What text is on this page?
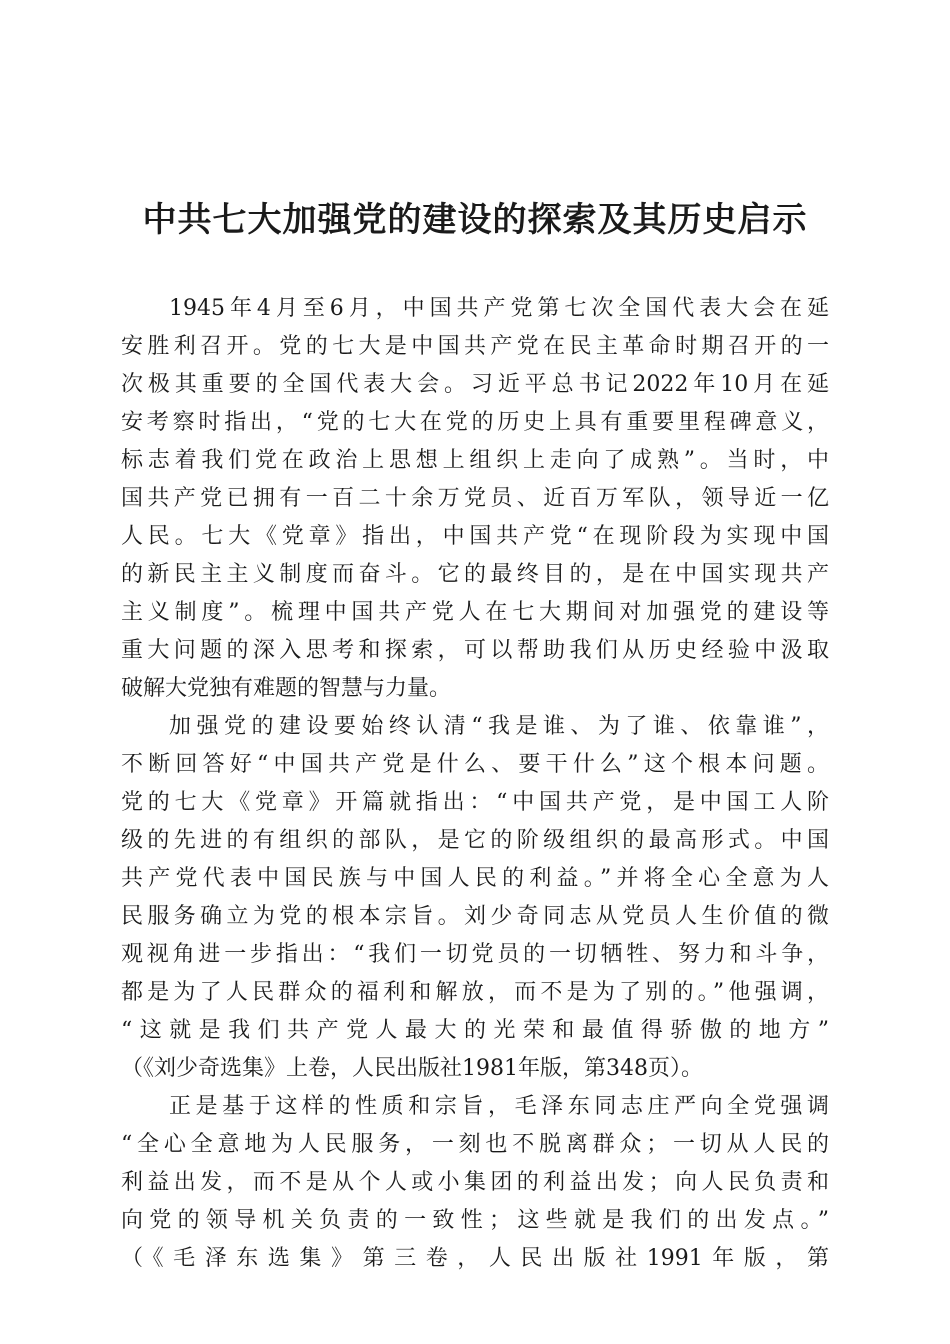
中共七大加强党的建设的探索及其历史启示
1945年4月至6月，中国共产党第七次全国代表大会在延
安胜利召开。党的七大是中国共产党在民主革命时期召开的一
次极其重要的全国代表大会。习近平总书记2022年10月在延
安考察时指出，“党的七大在党的历史上具有重要里程碑意义，
标志着我们党在政治上思想上组织上走向了成熟”。当时，中
国共产党已拥有一百二十余万党员、近百万军队，领导近一亿
人民。七大《党章》指出，中国共产党“在现阶段为实现中国
的新民主主义制度而奋斗。它的最终目的，是在中国实现共产
主义制度”。梳理中国共产党人在七大期间对加强党的建设等
重大问题的深入思考和探索，可以帮助我们从历史经验中汲取
破解大党独有难题的智慧与力量。
加强党的建设要始终认清“我是谁、为了谁、依靠谁”，
不断回答好“中国共产党是什么、要干什么”这个根本问题。
党的七大《党章》开篇就指出：“中国共产党，是中国工人阶
级的先进的有组织的部队，是它的阶级组织的最高形式。中国
共产党代表中国民族与中国人民的利益。”并将全心全意为人
民服务确立为党的根本宗旨。刘少奇同志从党员人生价值的微
观视角进一步指出：“我们一切党员的一切牺牲、努力和斗争，
都是为了人民群众的福利和解放，而不是为了别的。”他强调，
“这就是我们共产党人最大的光荣和最值得骄傲的地方”
（《刘少奇选集》上卷，人民出版社1981年版，第348页）。
正是基于这样的性质和宗旨，毛泽东同志庄严向全党强调
“全心全意地为人民服务，一刻也不脱离群众；一切从人民的
利益出发，而不是从个人或小集团的利益出发；向人民负责和
向党的领导机关负责的一致性；这些就是我们的出发点。”
（《毛泽东选集》第三卷，人民出版社1991年版，第
